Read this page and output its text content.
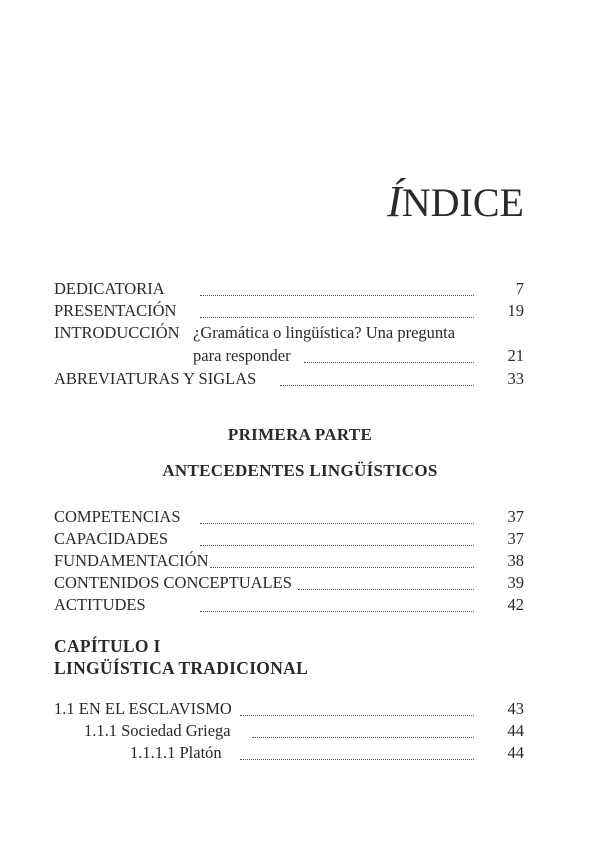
ÍNDICE
DEDICATORIA	7
PRESENTACIÓN	19
INTRODUCCIÓN ¿Gramática o lingüística? Una pregunta
para responder	21
ABREVIATURAS Y SIGLAS	33
PRIMERA PARTE
ANTECEDENTES LINGÜÍSTICOS
COMPETENCIAS	37
CAPACIDADES	37
FUNDAMENTACIÓN	38
CONTENIDOS CONCEPTUALES	39
ACTITUDES	42
CAPÍTULO I
LINGÜÍSTICA TRADICIONAL
1.1 EN EL ESCLAVISMO	43
1.1.1 Sociedad Griega	44
1.1.1.1 Platón	44
